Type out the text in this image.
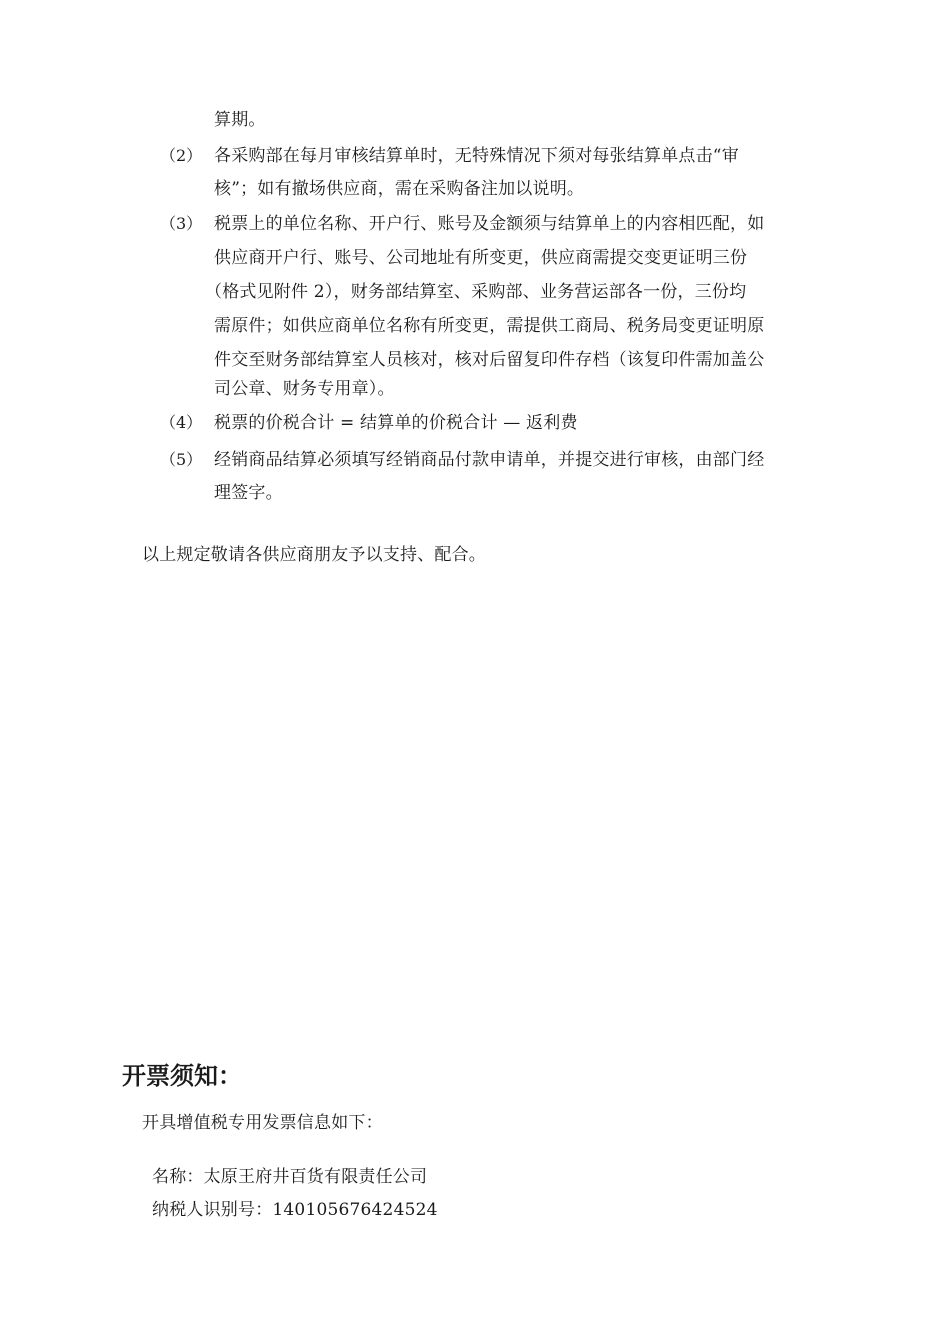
算期。
（2） 各采购部在每月审核结算单时，无特殊情况下须对每张结算单点击“审
核”；如有撤场供应商，需在采购备注加以说明。
（3） 税票上的单位名称、开户行、账号及金额须与结算单上的内容相匹配，如
供应商开户行、账号、公司地址有所变更，供应商需提交变更证明三份
（格式见附件 2），财务部结算室、采购部、业务营运部各一份，三份均
需原件；如供应商单位名称有所变更，需提供工商局、税务局变更证明原
件交至财务部结算室人员核对，核对后留复印件存档（该复印件需加盖公
司公章、财务专用章）。
（4） 税票的价税合计 = 结算单的价税合计 — 返利费
（5） 经销商品结算必须填写经销商品付款申请单，并提交进行审核，由部门经
理签字。
以上规定敬请各供应商朋友予以支持、配合。
开票须知：
开具增值税专用发票信息如下：
名称：太原王府井百货有限责任公司
纳税人识别号：140105676424524
